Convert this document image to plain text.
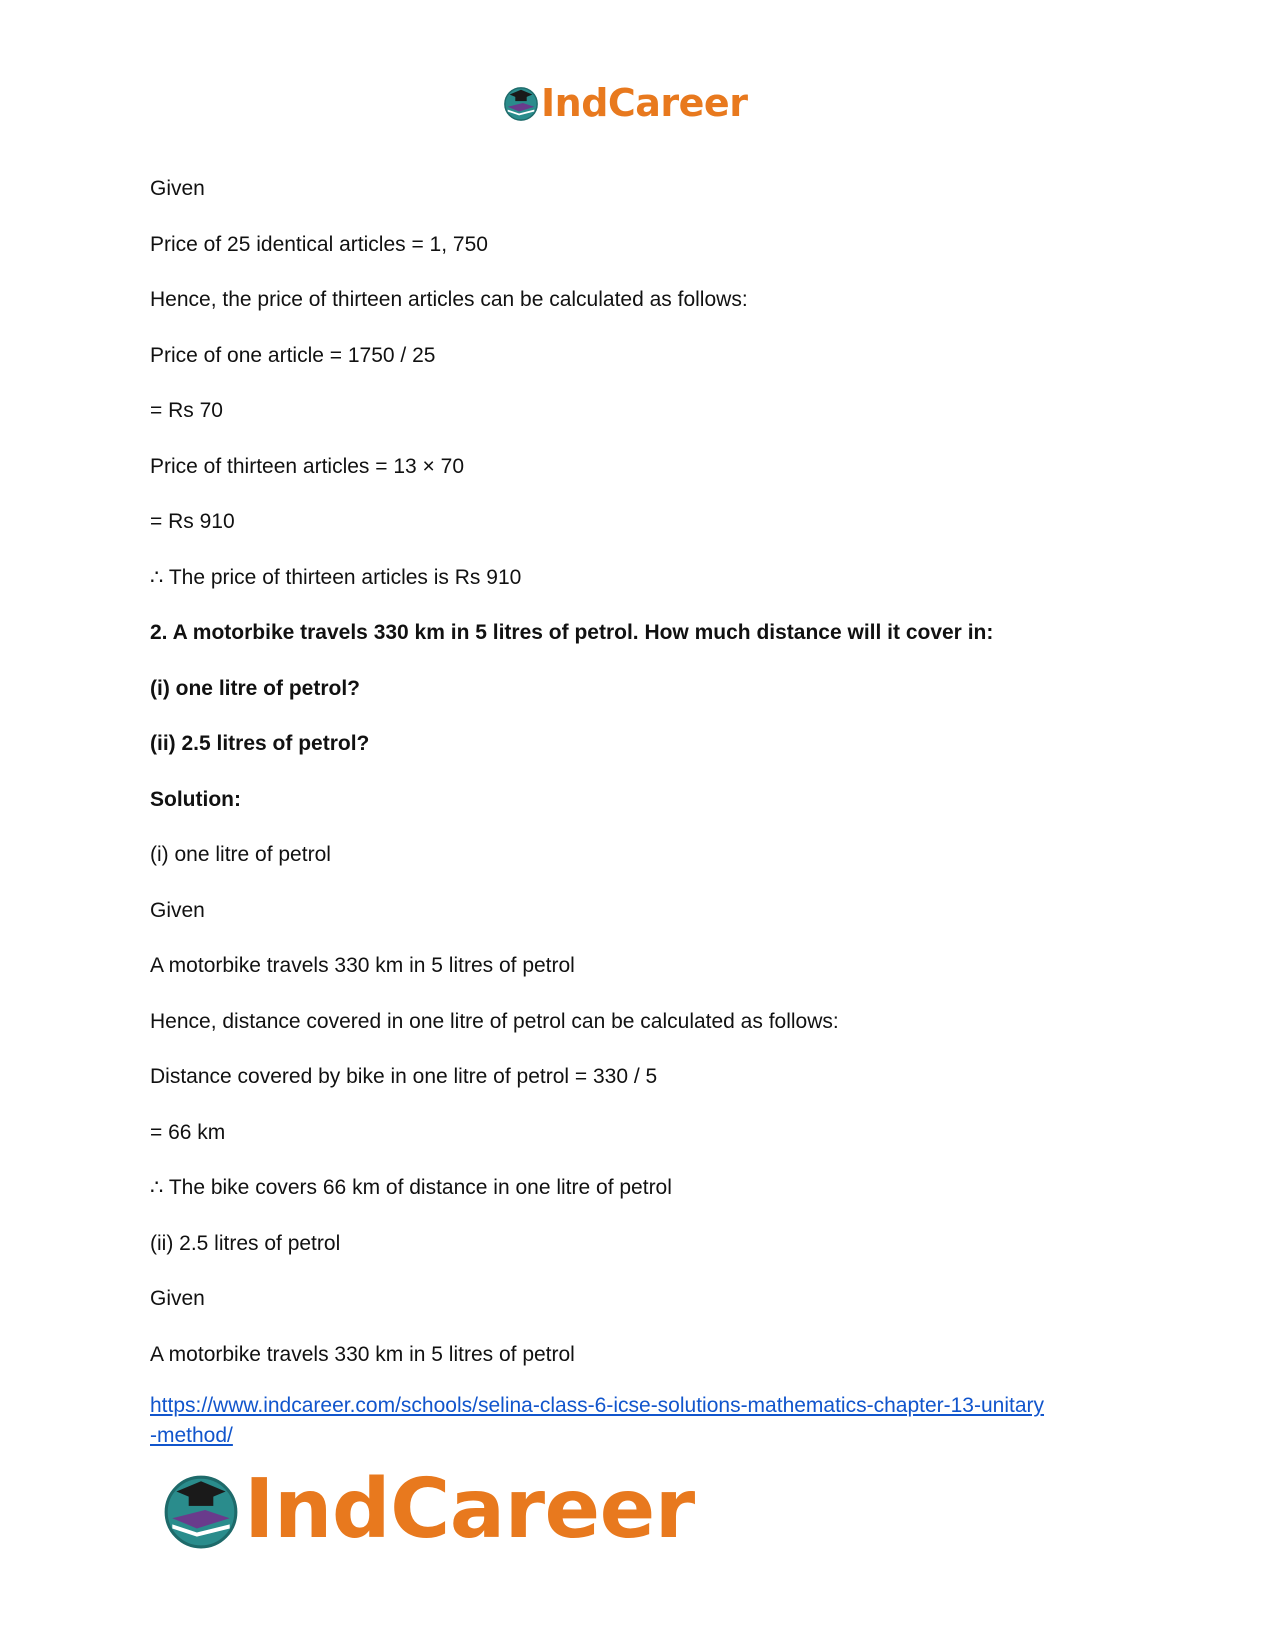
IndCareer
Given
Price of 25 identical articles = 1, 750
Hence, the price of thirteen articles can be calculated as follows:
Price of one article = 1750 / 25
= Rs 70
Price of thirteen articles = 13 × 70
= Rs 910
∴ The price of thirteen articles is Rs 910
2. A motorbike travels 330 km in 5 litres of petrol. How much distance will it cover in:
(i) one litre of petrol?
(ii) 2.5 litres of petrol?
Solution:
(i) one litre of petrol
Given
A motorbike travels 330 km in 5 litres of petrol
Hence, distance covered in one litre of petrol can be calculated as follows:
Distance covered by bike in one litre of petrol = 330 / 5
= 66 km
∴ The bike covers 66 km of distance in one litre of petrol
(ii) 2.5 litres of petrol
Given
A motorbike travels 330 km in 5 litres of petrol
https://www.indcareer.com/schools/selina-class-6-icse-solutions-mathematics-chapter-13-unitary
-method/
IndCareer
